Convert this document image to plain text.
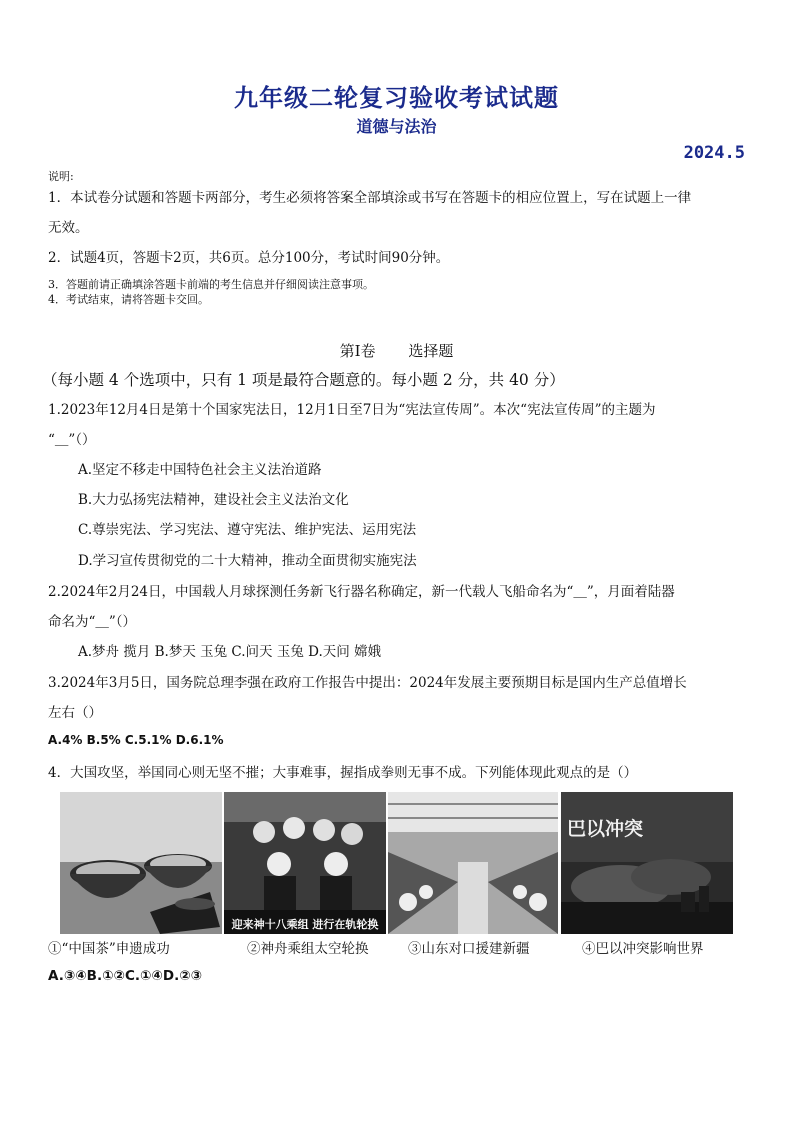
九年级二轮复习验收考试试题
道德与法治
2024.5
说明:
1．本试卷分试题和答题卡两部分，考生必须将答案全部填涂或书写在答题卡的相应位置上，写在试题上一律
无效。
2．试题4页，答题卡2页，共6页。总分100分，考试时间90分钟。
3．答题前请正确填涂答题卡前端的考生信息并仔细阅读注意事项。
4．考试结束，请将答题卡交回。
第Ⅰ卷 选择题
（每小题 4 个选项中，只有 1 项是最符合题意的。每小题 2 分，共 40 分）
1.2023年12月4日是第十个国家宪法日，12月1日至7日为“宪法宣传周”。本次“宪法宣传周”的主题为
“＿”（）
A.坚定不移走中国特色社会主义法治道路
B.大力弘扬宪法精神，建设社会主义法治文化
C.尊崇宪法、学习宪法、遵守宪法、维护宪法、运用宪法
D.学习宣传贯彻党的二十大精神，推动全面贯彻实施宪法
2.2024年2月24日，中国载人月球探测任务新飞行器名称确定，新一代载人飞船命名为“＿”，月面着陆器
命名为“＿”（）
A.梦舟 揽月 B.梦天 玉兔 C.问天 玉兔 D.天问 嫦娥
3.2024年3月5日，国务院总理李强在政府工作报告中提出：2024年发展主要预期目标是国内生产总值增长
左右（）
A.4% B.5% C.5.1% D.6.1%
4．大国攻坚，举国同心则无坚不摧；大事难事，握指成拳则无事不成。下列能体现此观点的是（）
迎来神十八乘组 进行在轨轮换
巴以冲突
①“中国茶”申遗成功	②神舟乘组太空轮换	③山东对口援建新疆	④巴以冲突影响世界
A.③④B.①②C.①④D.②③
